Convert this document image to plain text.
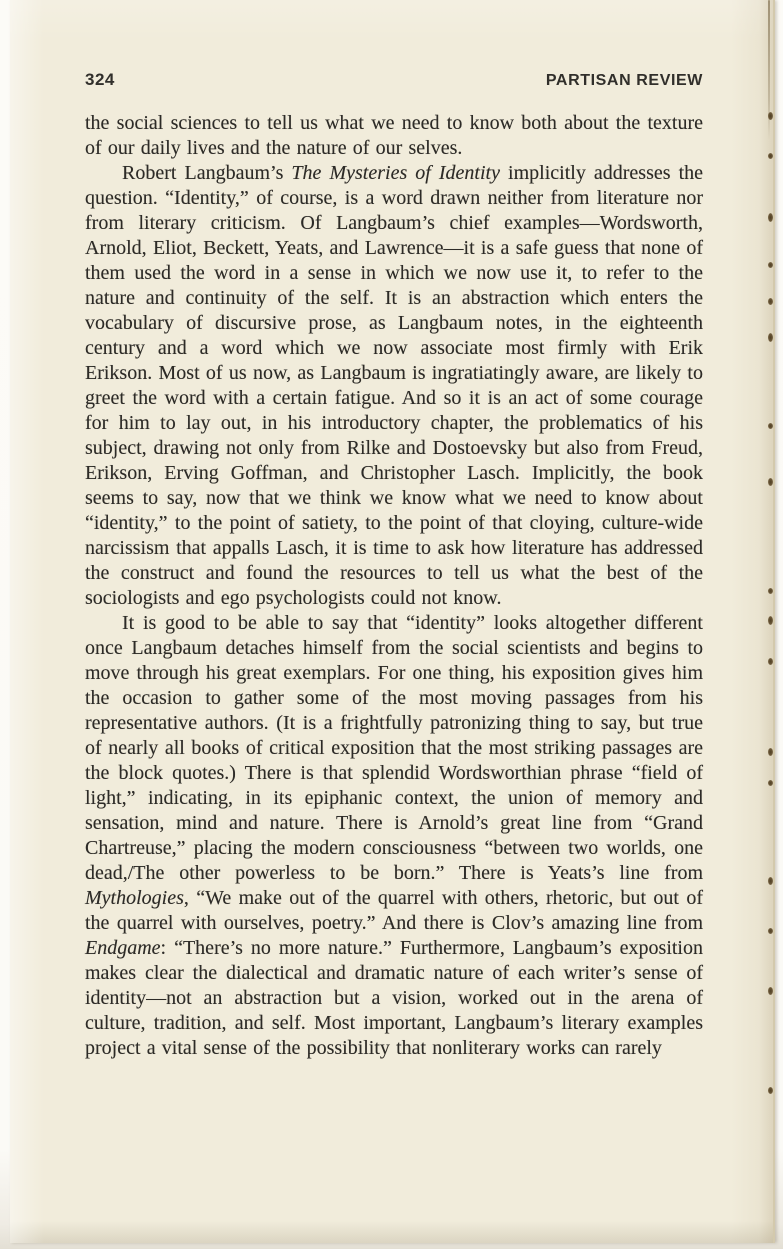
324	PARTISAN REVIEW

the social sciences to tell us what we need to know both about the texture of our daily lives and the nature of our selves.

Robert Langbaum’s The Mysteries of Identity implicitly addresses the question. “Identity,” of course, is a word drawn neither from literature nor from literary criticism. Of Langbaum’s chief examples—Wordsworth, Arnold, Eliot, Beckett, Yeats, and Lawrence—it is a safe guess that none of them used the word in a sense in which we now use it, to refer to the nature and continuity of the self. It is an abstraction which enters the vocabulary of discursive prose, as Langbaum notes, in the eighteenth century and a word which we now associate most firmly with Erik Erikson. Most of us now, as Langbaum is ingratiatingly aware, are likely to greet the word with a certain fatigue. And so it is an act of some courage for him to lay out, in his introductory chapter, the problematics of his subject, drawing not only from Rilke and Dostoevsky but also from Freud, Erikson, Erving Goffman, and Christopher Lasch. Implicitly, the book seems to say, now that we think we know what we need to know about “identity,” to the point of satiety, to the point of that cloying, culture-wide narcissism that appalls Lasch, it is time to ask how literature has addressed the construct and found the resources to tell us what the best of the sociologists and ego psychologists could not know.

It is good to be able to say that “identity” looks altogether different once Langbaum detaches himself from the social scientists and begins to move through his great exemplars. For one thing, his exposition gives him the occasion to gather some of the most moving passages from his representative authors. (It is a frightfully patronizing thing to say, but true of nearly all books of critical exposition that the most striking passages are the block quotes.) There is that splendid Wordsworthian phrase “field of light,” indicating, in its epiphanic context, the union of memory and sensation, mind and nature. There is Arnold’s great line from “Grand Chartreuse,” placing the modern consciousness “between two worlds, one dead,/The other powerless to be born.” There is Yeats’s line from Mythologies, “We make out of the quarrel with others, rhetoric, but out of the quarrel with ourselves, poetry.” And there is Clov’s amazing line from Endgame: “There’s no more nature.” Furthermore, Langbaum’s exposition makes clear the dialectical and dramatic nature of each writer’s sense of identity—not an abstraction but a vision, worked out in the arena of culture, tradition, and self. Most important, Langbaum’s literary examples project a vital sense of the possibility that nonliterary works can rarely
